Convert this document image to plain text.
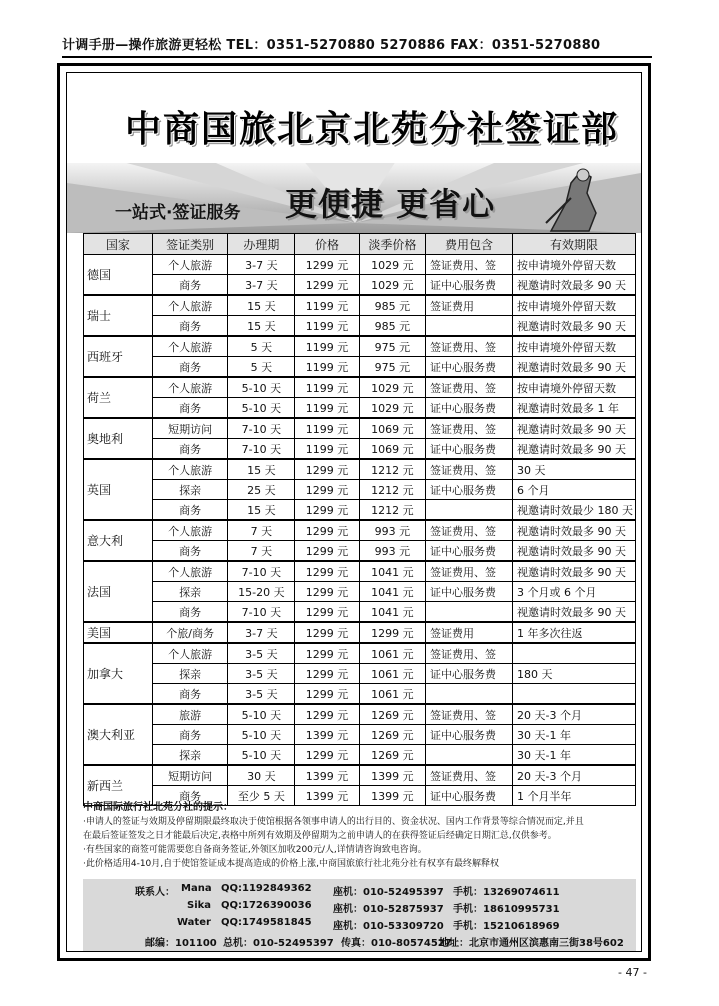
计调手册—操作旅游更轻松 TEL：0351-5270880 5270886 FAX：0351-5270880
中商国旅北京北苑分社签证部
一站式·签证服务 更便捷 更省心
国家	签证类别	办理期	价格	淡季价格	费用包含	有效期限
德国	个人旅游	3-7 天	1299 元	1029 元	签证费用、签	按申请境外停留天数
	商务	3-7 天	1299 元	1029 元	证中心服务费	视邀请时效最多 90 天
瑞士	个人旅游	15 天	1199 元	985 元	签证费用	按申请境外停留天数
	商务	15 天	1199 元	985 元		视邀请时效最多 90 天
西班牙	个人旅游	5 天	1199 元	975 元	签证费用、签	按申请境外停留天数
	商务	5 天	1199 元	975 元	证中心服务费	视邀请时效最多 90 天
荷兰	个人旅游	5-10 天	1199 元	1029 元	签证费用、签	按申请境外停留天数
	商务	5-10 天	1199 元	1029 元	证中心服务费	视邀请时效最多 1 年
奥地利	短期访问	7-10 天	1199 元	1069 元	签证费用、签	视邀请时效最多 90 天
	商务	7-10 天	1199 元	1069 元	证中心服务费	视邀请时效最多 90 天
英国	个人旅游	15 天	1299 元	1212 元	签证费用、签	30 天
	探亲	25 天	1299 元	1212 元	证中心服务费	6 个月
	商务	15 天	1299 元	1212 元		视邀请时效最少 180 天
意大利	个人旅游	7 天	1299 元	993 元	签证费用、签	视邀请时效最多 90 天
	商务	7 天	1299 元	993 元	证中心服务费	视邀请时效最多 90 天
法国	个人旅游	7-10 天	1299 元	1041 元	签证费用、签	视邀请时效最多 90 天
	探亲	15-20 天	1299 元	1041 元	证中心服务费	3 个月或 6 个月
	商务	7-10 天	1299 元	1041 元		视邀请时效最多 90 天
美国	个旅/商务	3-7 天	1299 元	1299 元	签证费用	1 年多次往返
加拿大	个人旅游	3-5 天	1299 元	1061 元	签证费用、签	
	探亲	3-5 天	1299 元	1061 元	证中心服务费	180 天
	商务	3-5 天	1299 元	1061 元		
澳大利亚	旅游	5-10 天	1299 元	1269 元	签证费用、签	20 天-3 个月
	商务	5-10 天	1399 元	1269 元	证中心服务费	30 天-1 年
	探亲	5-10 天	1299 元	1269 元		30 天-1 年
新西兰	短期访问	30 天	1399 元	1399 元	签证费用、签	20 天-3 个月
	商务	至少 5 天	1399 元	1399 元	证中心服务费	1 个月半年
中商国际旅行社北苑分社的提示：
·申请人的签证与效期及停留期限最终取决于使馆根据各领事申请人的出行目的、资金状况、国内工作背景等综合情况而定,并且
在最后签证签发之日才能最后决定,表格中所列有效期及停留期为之前申请人的在获得签证后经确定日期汇总,仅供参考。
·有些国家的商签可能需要您自备商务签证,外领区加收200元/人,详情请咨询致电咨询。
·此价格适用4-10月,自于使馆签证成本提高造成的价格上涨,中商国旅旅行社北苑分社有权享有最终解释权
联系人： Mana QQ:1192849362 座机：010-52495397 手机：13269074611
Sika QQ:1726390036 座机：010-52875937 手机：18610995731
Water QQ:1749581845 座机：010-53309720 手机：15210618969
邮编：101100 总机：010-52495397 传真：010-80574527
地址：北京市通州区滨惠南三街38号602
- 47 -
